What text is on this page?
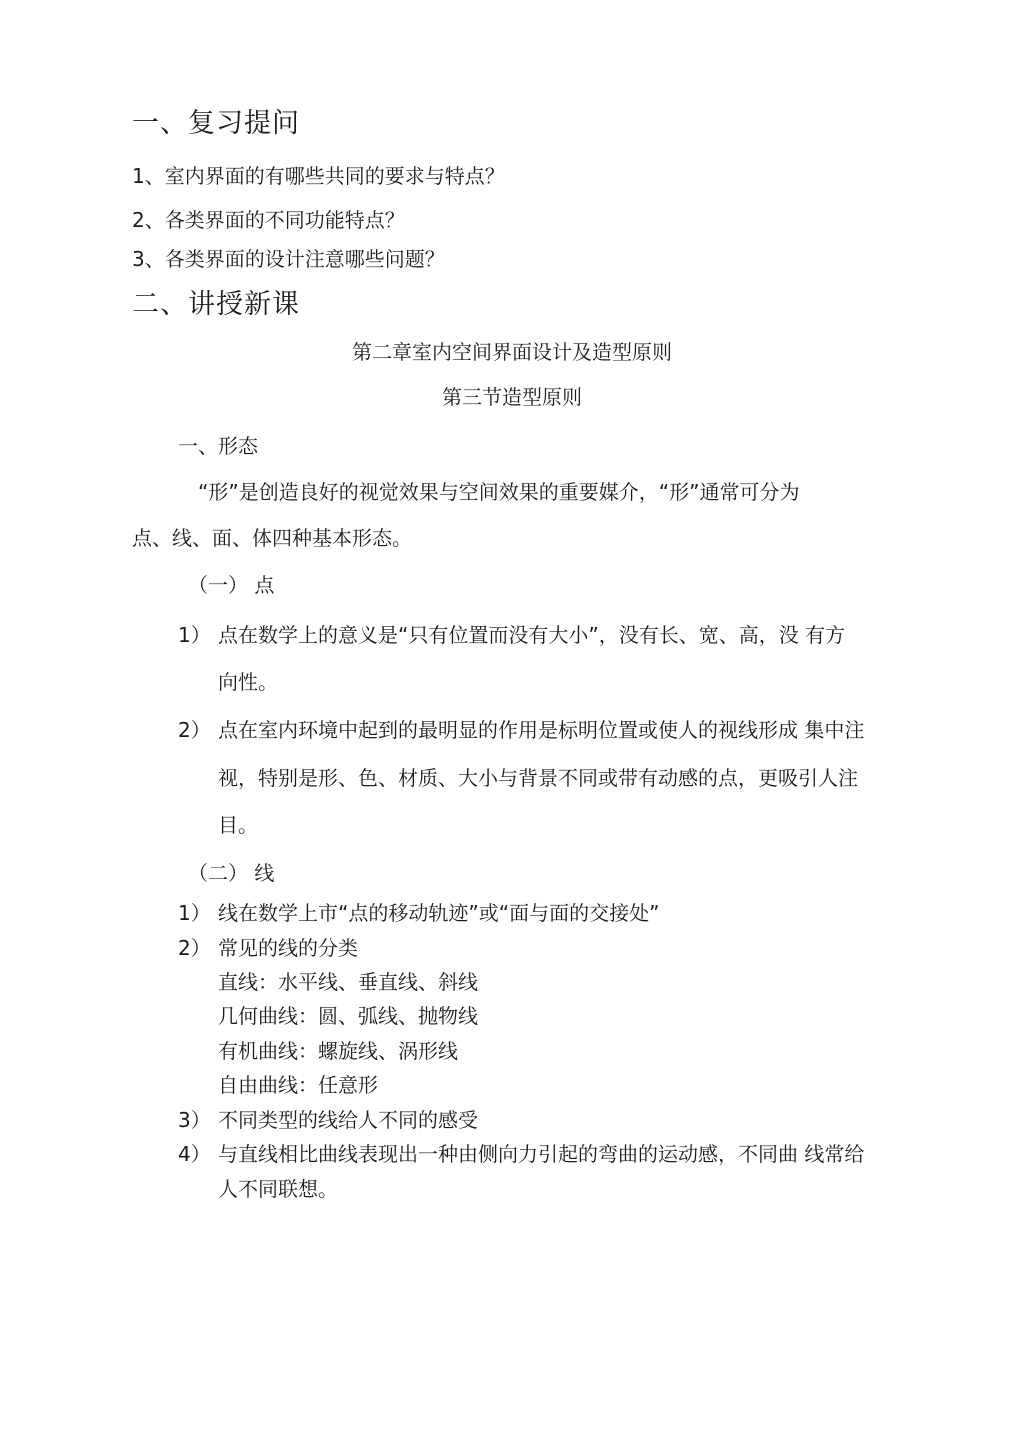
一、复习提问
1、室内界面的有哪些共同的要求与特点？
2、各类界面的不同功能特点？
3、各类界面的设计注意哪些问题？
二、讲授新课
第二章室内空间界面设计及造型原则
第三节造型原则
一、形态
“形”是创造良好的视觉效果与空间效果的重要媒介，“形”通常可分为
点、线、面、体四种基本形态。
（一） 点
1） 点在数学上的意义是“只有位置而没有大小”，没有长、宽、高，没 有方
向性。
2） 点在室内环境中起到的最明显的作用是标明位置或使人的视线形成 集中注
视，特别是形、色、材质、大小与背景不同或带有动感的点，更吸引人注
目。
（二） 线
1） 线在数学上市“点的移动轨迹”或“面与面的交接处”
2） 常见的线的分类
直线：水平线、垂直线、斜线
几何曲线：圆、弧线、抛物线
有机曲线：螺旋线、涡形线
自由曲线：任意形
3） 不同类型的线给人不同的感受
4） 与直线相比曲线表现出一种由侧向力引起的弯曲的运动感，不同曲 线常给
人不同联想。
